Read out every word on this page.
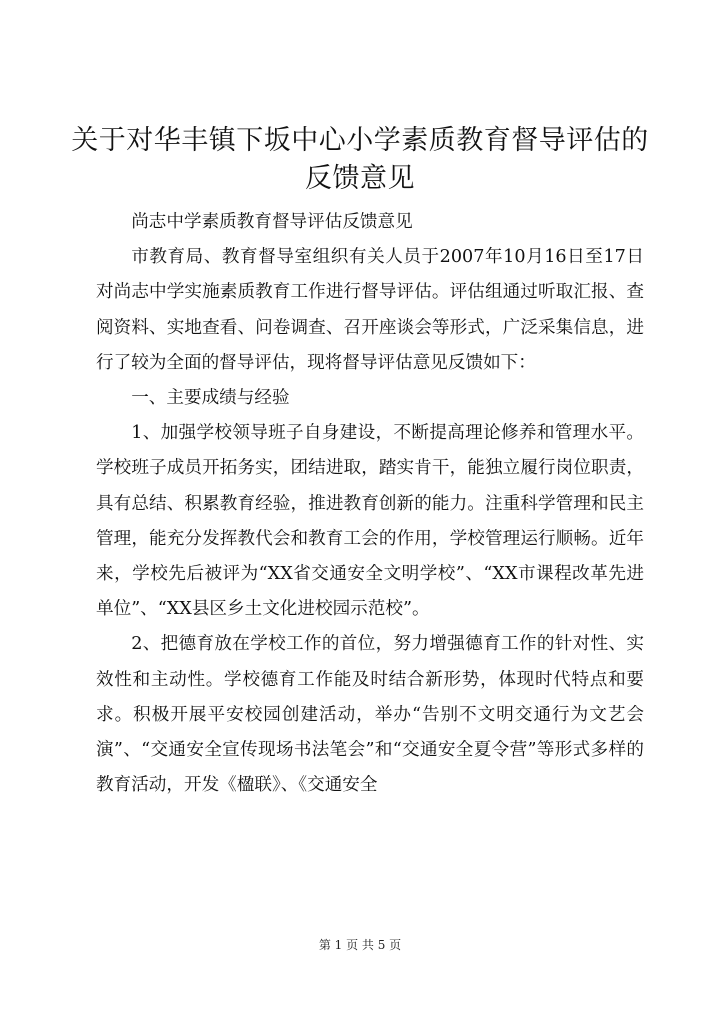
关于对华丰镇下坂中心小学素质教育督导评估的反馈意见

尚志中学素质教育督导评估反馈意见

市教育局、教育督导室组织有关人员于2007年10月16日至17日对尚志中学实施素质教育工作进行督导评估。评估组通过听取汇报、查阅资料、实地查看、问卷调查、召开座谈会等形式，广泛采集信息，进行了较为全面的督导评估，现将督导评估意见反馈如下：

一、主要成绩与经验

1、加强学校领导班子自身建设，不断提高理论修养和管理水平。学校班子成员开拓务实，团结进取，踏实肯干，能独立履行岗位职责，具有总结、积累教育经验，推进教育创新的能力。注重科学管理和民主管理，能充分发挥教代会和教育工会的作用，学校管理运行顺畅。近年来，学校先后被评为“XX省交通安全文明学校”、“XX市课程改革先进单位”、“XX县区乡土文化进校园示范校”。

2、把德育放在学校工作的首位，努力增强德育工作的针对性、实效性和主动性。学校德育工作能及时结合新形势，体现时代特点和要求。积极开展平安校园创建活动，举办“告别不文明交通行为文艺会演”、“交通安全宣传现场书法笔会”和“交通安全夏令营”等形式多样的教育活动，开发《楹联》、《交通安全

第 1 页 共 5 页
